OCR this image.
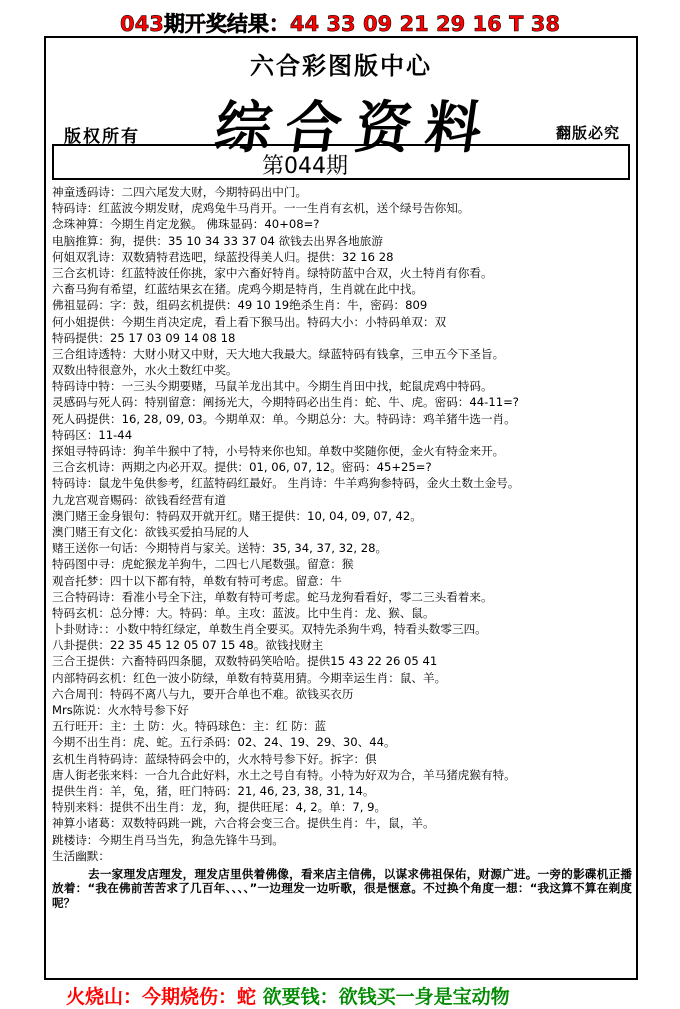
043期开奖结果：44 33 09 21 29 16 T 38
六合彩图版中心
综合资料
版权所有	翻版必究
第044期
神童透码诗：二四六尾发大财，今期特码出中门。
特码诗：红蓝波今期发财，虎鸡兔牛马肖开。一一生肖有玄机，送个绿号告你知。
念珠神算：今期生肖定龙猴。 佛珠显码：40+08=?
电脑推算：狗，提供：35 10 34 33 37 04 欲钱去出界各地旅游
何姐双乳诗：双数猜特君选吧，绿蓝投得美人归。提供：32 16 28
三合玄机诗：红蓝特波任你挑，家中六畜好特肖。绿特防蓝中合双，火土特肖有你看。
六畜马狗有希望，红蓝结果玄在猪。虎鸡今期是特肖，生肖就在此中找。
佛祖显码：字：鼓，组码玄机提供：49 10 19绝杀生肖：牛，密码：809
何小姐提供：今期生肖决定虎，看上看下猴马出。特码大小：小特码单双：双
特码提供：25 17 03 09 14 08 18
三合组诗透特：大财小财又中财，天大地大我最大。绿蓝特码有钱拿，三申五今下圣旨。
双数出特很意外，水火土数红中奖。
特码诗中特：一三头今期要赌，马鼠羊龙出其中。今期生肖田中找，蛇鼠虎鸡中特码。
灵感码与死人码：特别留意：阐扬光大，今期特码必出生肖：蛇、牛、虎。密码：44-11=?
死人码提供：16, 28, 09, 03。今期单双：单。今期总分：大。特码诗：鸡羊猪牛选一肖。
特码区：11-44
探姐寻特码诗：狗羊牛猴中了特，小号特来你也知。单数中奖随你便，金火有特金来开。
三合玄机诗：两期之内必开双。提供：01, 06, 07, 12。密码：45+25=?
特码诗：鼠龙牛兔供参考，红蓝特码红最好。 生肖诗：牛羊鸡狗参特码，金火土数土金号。
九龙宫观音赐码：欲钱看经营有道
澳门赌王金身银句：特码双开就开红。赌王提供：10, 04, 09, 07, 42。
澳门赌王有文化：欲钱买爱拍马屁的人
赌王送你一句话：今期特肖与家关。送特：35, 34, 37, 32, 28。
特码图中寻：虎蛇猴龙羊狗牛，二四七八尾数强。留意：猴
观音托梦：四十以下都有特，单数有特可考虑。留意：牛
三合特码诗：看准小号全下注，单数有特可考虑。蛇马龙狗看看好，零二三头看着来。
特码玄机：总分博：大。特码：单。主攻：蓝波。比中生肖：龙、猴、鼠。
卜卦财诗：：小数中特红绿定，单数生肖全要买。双特先杀狗牛鸡，特看头数零三四。
八卦提供：22 35 45 12 05 07 15 48。欲钱找财主
三合王提供：六畜特码四条腿，双数特码笑哈哈。提供15 43 22 26 05 41
内部特码玄机：红色一波小防绿，单数有特莫用猜。今期幸运生肖：鼠、羊。
六合周刊：特码不离八与九，要开合单也不难。欲钱买衣历
Mrs陈说：火水特号参下好
五行旺开：主：土 防：火。特码球色：主：红 防：蓝
今期不出生肖：虎、蛇。五行杀码：02、24、19、29、30、44。
玄机生肖特码诗：蓝绿特码会中的，火水特号参下好。拆字：倶
唐人街老张来料：一合九合此好料，水土之号自有特。小特为好双为合，羊马猪虎猴有特。
提供生肖：羊，兔，猪，旺门特码：21, 46, 23, 38, 31, 14。
特别来料：提供不出生肖：龙，狗，提供旺尾：4, 2。单：7, 9。
神算小诸葛：双数特码跳一跳，六合将会变三合。提供生肖：牛，鼠，羊。
跳楼诗：今期生肖马当先，狗急先锋牛马到。
生活幽默：
去一家理发店理发，理发店里供着佛像，看来店主信佛，以谋求佛祖保佑，财源广进。一旁的影碟机正播放着：“我在佛前苦苦求了几百年、、、、”一边理发一边听歌，很是惬意。不过换个角度一想：“我这算不算在剃度呢？
火烧山：今期烧伤：蛇 欲要钱：欲钱买一身是宝动物
